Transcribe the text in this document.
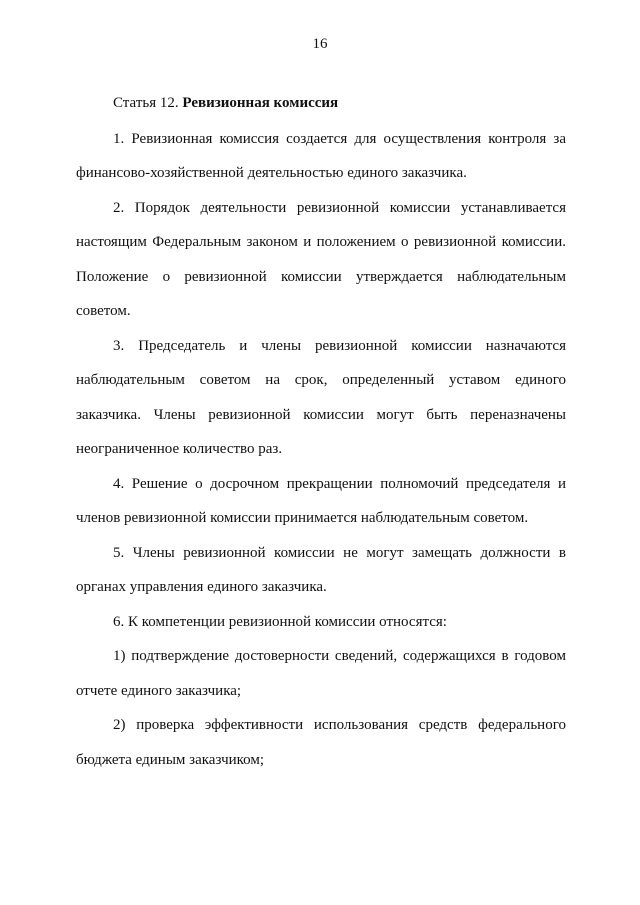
16
Статья 12. Ревизионная комиссия

1. Ревизионная комиссия создается для осуществления контроля за финансово-хозяйственной деятельностью единого заказчика.

2. Порядок деятельности ревизионной комиссии устанавливается настоящим Федеральным законом и положением о ревизионной комиссии. Положение о ревизионной комиссии утверждается наблюдательным советом.

3. Председатель и члены ревизионной комиссии назначаются наблюдательным советом на срок, определенный уставом единого заказчика. Члены ревизионной комиссии могут быть переназначены неограниченное количество раз.

4. Решение о досрочном прекращении полномочий председателя и членов ревизионной комиссии принимается наблюдательным советом.

5. Члены ревизионной комиссии не могут замещать должности в органах управления единого заказчика.

6. К компетенции ревизионной комиссии относятся:

1) подтверждение достоверности сведений, содержащихся в годовом отчете единого заказчика;

2) проверка эффективности использования средств федерального бюджета единым заказчиком;
